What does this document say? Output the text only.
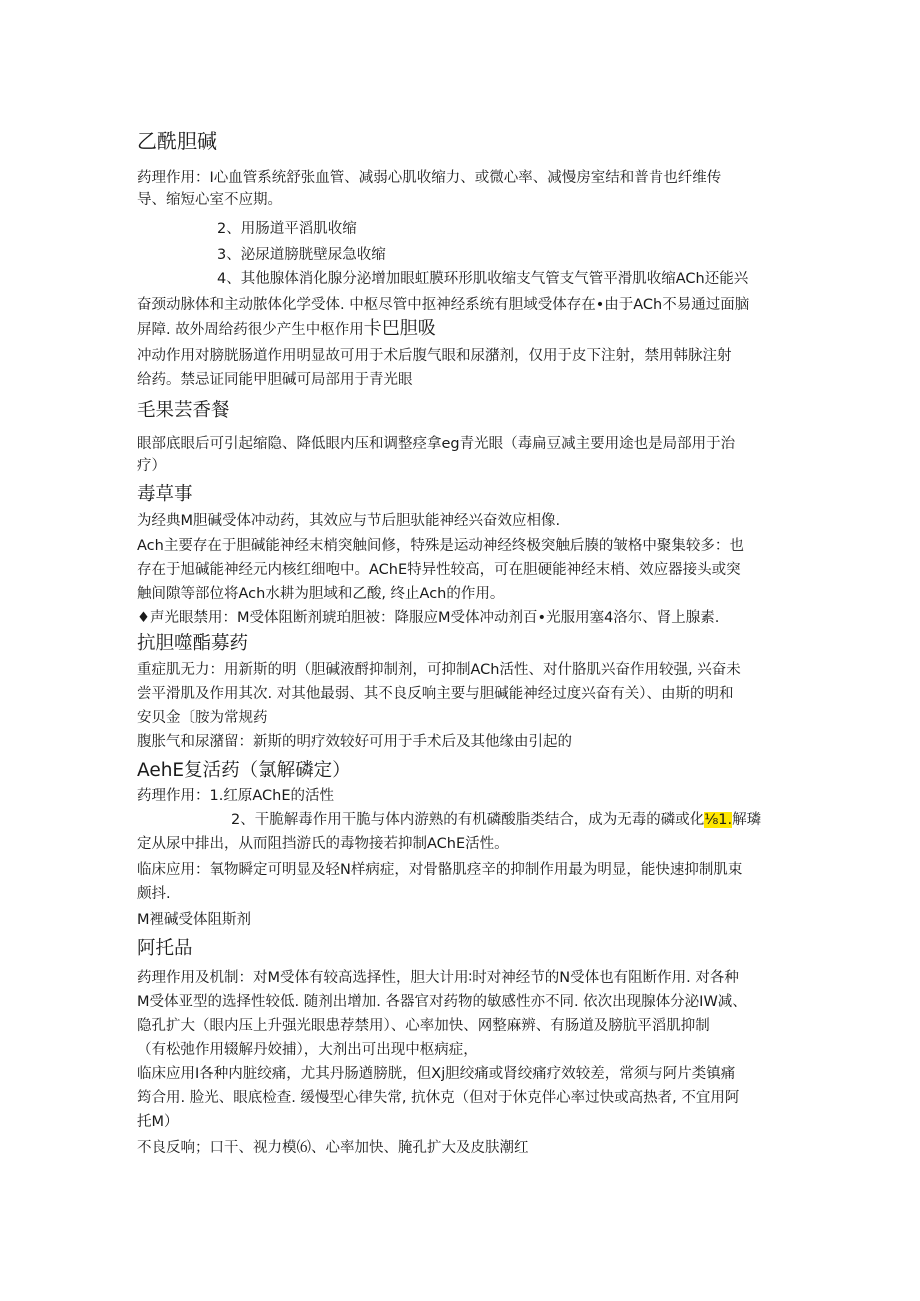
乙酰胆碱
药理作用：I心血管系统舒张血管、减弱心肌收缩力、或微心率、减慢房室结和普肯也纤维传
导、缩短心室不应期。
2、用肠道平滔肌收缩
3、泌尿道膀胱壁尿急收缩
4、其他腺体消化腺分泌增加眼虹膜环形肌收缩支气管支气管平滑肌收缩ACh还能兴
奋颈动脉体和主动脓体化学受体. 中枢尽管中抠神经系统有胆域受体存在•由于ACh不易通过面脑
屏障. 故外周给药很少产生中枢作用卡巴胆吸
冲动作用对膀胱肠道作用明显故可用于术后腹气眼和尿潴剂，仅用于皮下注射，禁用韩脉注射
给药。禁忌证同能甲胆碱可局部用于青光眼
毛果芸香餐
眼部底眼后可引起缩隐、降低眼内压和调整痉拿eg青光眼（毒扁豆减主要用途也是局部用于治
疗）
毒草事
为经典M胆碱受体冲动药，其效应与节后胆驮能神经兴奋效应相像.
Ach主要存在于胆碱能神经末梢突触间修，特殊是运动神经终极突触后腠的皱格中聚集较多：也
存在于旭碱能神经元内核红细咆中。AChE特异性较高，可在胆硬能神经末梢、效应器接头或突
触间隙等部位将Ach水耕为胆域和乙酸, 终止Ach的作用。
♦声光眼禁用：M受体阻断剂琥珀胆被：降服应M受体冲动剂百•光服用塞4洛尔、肾上腺素.
抗胆噬酯募药
重症肌无力：用新斯的明（胆碱液酹抑制剂，可抑制ACh活性、对什胳肌兴奋作用较强, 兴奋未
尝平滑肌及作用其次. 对其他最弱、其不良反响主要与胆碱能神经过度兴奋有关）、由斯的明和
安贝金〔胺为常规药
腹胀气和尿潴留：新斯的明疗效较好可用于手术后及其他缘由引起的
AehE复活药（氯解磷定）
药理作用：1.红原AChE的活性
2、干脆解毒作用干脆与体内游熟的有机磷酸脂类结合，成为无毒的磷或化⅛1.解璘
定从尿中排出，从而阻挡游氏的毒物接若抑制AChE活性。
临床应用：氧物瞬定可明显及轻N样病症，对骨骼肌痉辛的抑制作用最为明显，能快速抑制肌束
颇抖.
M裡碱受体阻斯剂
阿托品
药理作用及机制：对M受体有较高选择性，胆大计用∶时对神经节的N受体也有阻断作用. 对各种
M受体亚型的选择性较低. 随剂出增加. 各器官对药物的敏感性亦不同. 依次出现腺体分泌IW减、
隐孔扩大（眼内压上升强光眼患荐禁用）、心率加快、网整麻辨、有肠道及膀肮平滔肌抑制
（有松弛作用辍解丹姣捕），大剂出可出现中枢病症，
临床应用I各种内脏绞痛，尤其丹肠遒膀胱，但Xj胆绞痛或肾绞痛疗效较差，常须与阿片类镇痛
筠合用. 脸光、眼底检查. 缓慢型心律失常, 抗休克（但对于休克伴心率过快或高热者, 不宜用阿
托M）
不良反响；口干、视力模⑹、心率加快、腌孔扩大及皮肤潮红
